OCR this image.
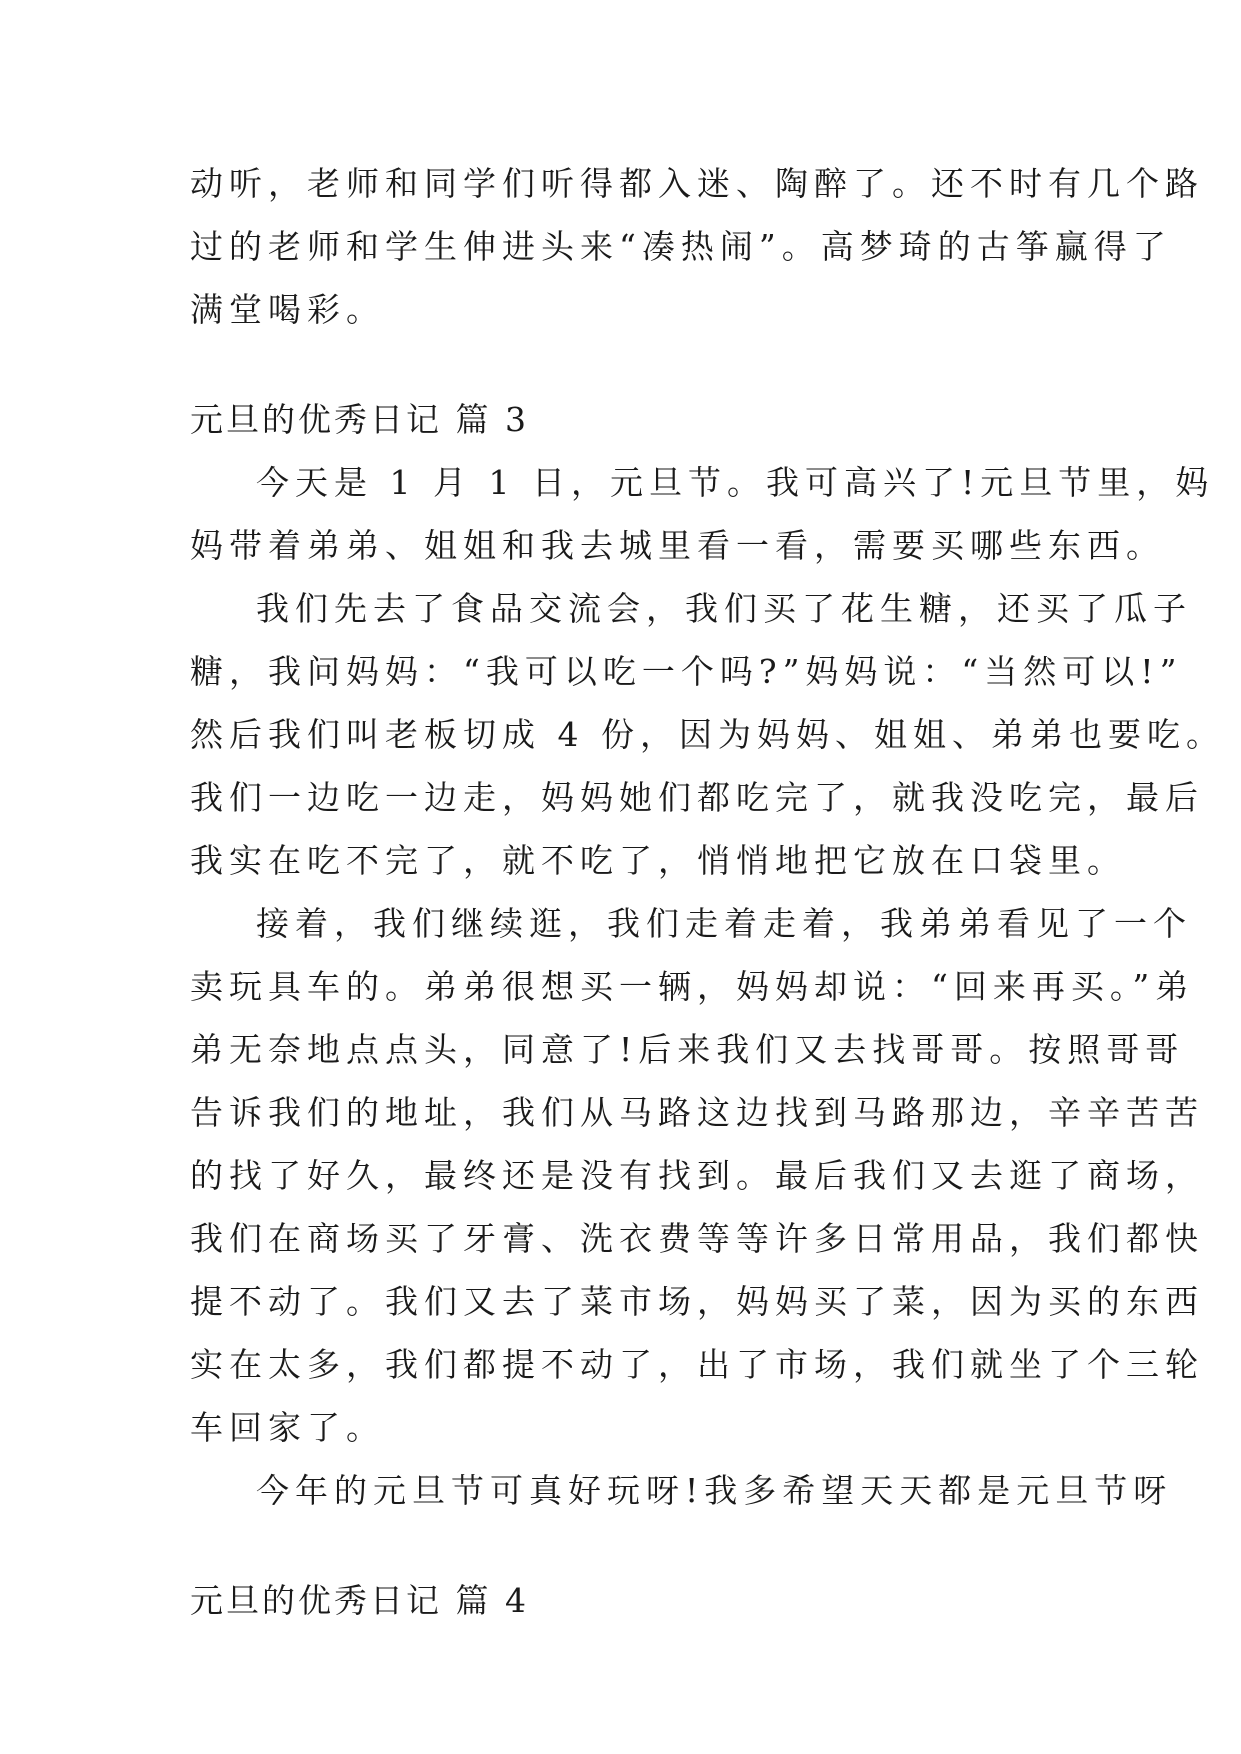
动听，老师和同学们听得都入迷、陶醉了。还不时有几个路
过的老师和学生伸进头来“凑热闹”。高梦琦的古筝赢得了
满堂喝彩。
元旦的优秀日记 篇 3
今天是 1 月 1 日，元旦节。我可高兴了!元旦节里，妈
妈带着弟弟、姐姐和我去城里看一看，需要买哪些东西。
我们先去了食品交流会，我们买了花生糖，还买了瓜子
糖，我问妈妈：“我可以吃一个吗?”妈妈说：“当然可以!”
然后我们叫老板切成 4 份，因为妈妈、姐姐、弟弟也要吃。
我们一边吃一边走，妈妈她们都吃完了，就我没吃完，最后
我实在吃不完了，就不吃了，悄悄地把它放在口袋里。
接着，我们继续逛，我们走着走着，我弟弟看见了一个
卖玩具车的。弟弟很想买一辆，妈妈却说：“回来再买。”弟
弟无奈地点点头，同意了!后来我们又去找哥哥。按照哥哥
告诉我们的地址，我们从马路这边找到马路那边，辛辛苦苦
的找了好久，最终还是没有找到。最后我们又去逛了商场，
我们在商场买了牙膏、洗衣费等等许多日常用品，我们都快
提不动了。我们又去了菜市场，妈妈买了菜，因为买的东西
实在太多，我们都提不动了，出了市场，我们就坐了个三轮
车回家了。
今年的元旦节可真好玩呀!我多希望天天都是元旦节呀
元旦的优秀日记 篇 4
